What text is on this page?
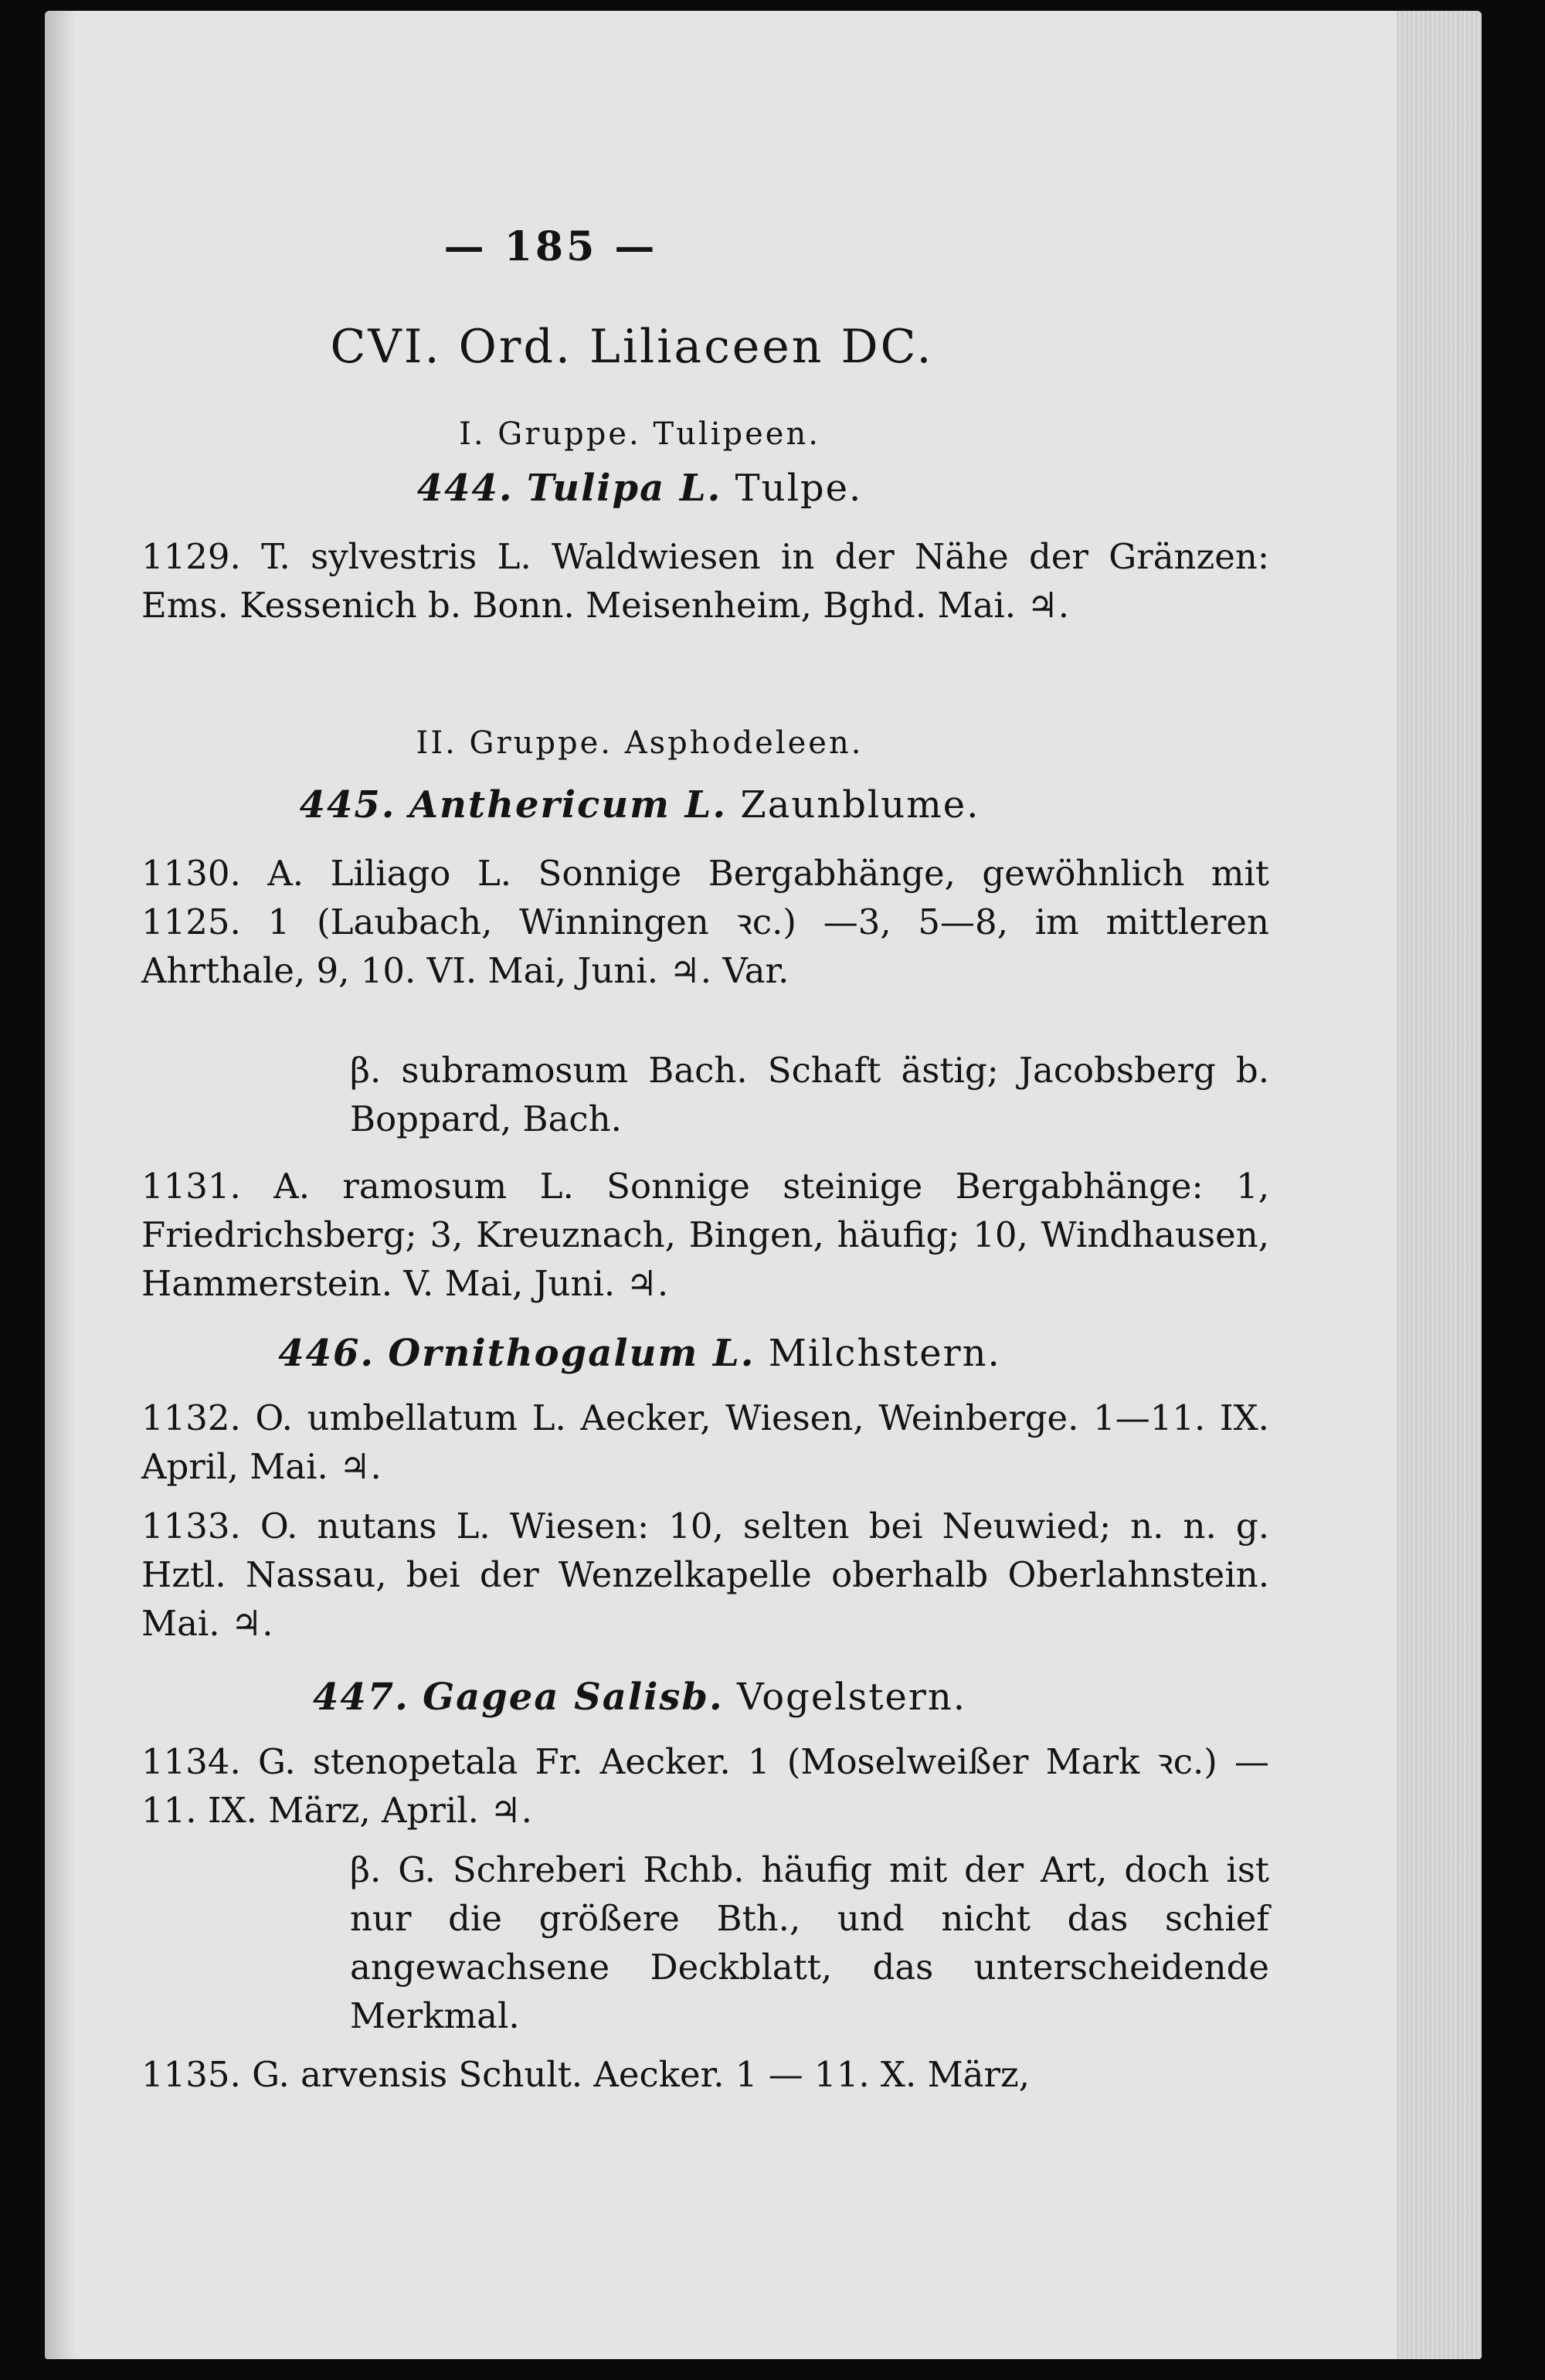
— 185 —
CVI. Ord. Liliaceen DC.
I. Gruppe. Tulipeen.
444. Tulipa L. Tulpe.
1129. T. sylvestris L. Waldwiesen in der Nähe der Gränzen: Ems. Kessenich b. Bonn. Meisenheim, Bghd. Mai. ♃.
II. Gruppe. Asphodeleen.
445. Anthericum L. Zaunblume.
1130. A. Liliago L. Sonnige Bergabhänge, gewöhnlich mit 1125. 1 (Laubach, Winningen ꝛc.) —3, 5—8, im mittleren Ahrthale, 9, 10. VI. Mai, Juni. ♃. Var.
β. subramosum Bach. Schaft ästig; Jacobsberg b. Boppard, Bach.
1131. A. ramosum L. Sonnige steinige Bergabhänge: 1, Friedrichsberg; 3, Kreuznach, Bingen, häufig; 10, Windhausen, Hammerstein. V. Mai, Juni. ♃.
446. Ornithogalum L. Milchstern.
1132. O. umbellatum L. Aecker, Wiesen, Weinberge. 1—11. IX. April, Mai. ♃.
1133. O. nutans L. Wiesen: 10, selten bei Neuwied; n. n. g. Hztl. Nassau, bei der Wenzelkapelle oberhalb Oberlahnstein. Mai. ♃.
447. Gagea Salisb. Vogelstern.
1134. G. stenopetala Fr. Aecker. 1 (Moselweißer Mark ꝛc.) —11. IX. März, April. ♃.
β. G. Schreberi Rchb. häufig mit der Art, doch ist nur die größere Bth., und nicht das schief angewachsene Deckblatt, das unterscheidende Merkmal.
1135. G. arvensis Schult. Aecker. 1 — 11. X. März,
